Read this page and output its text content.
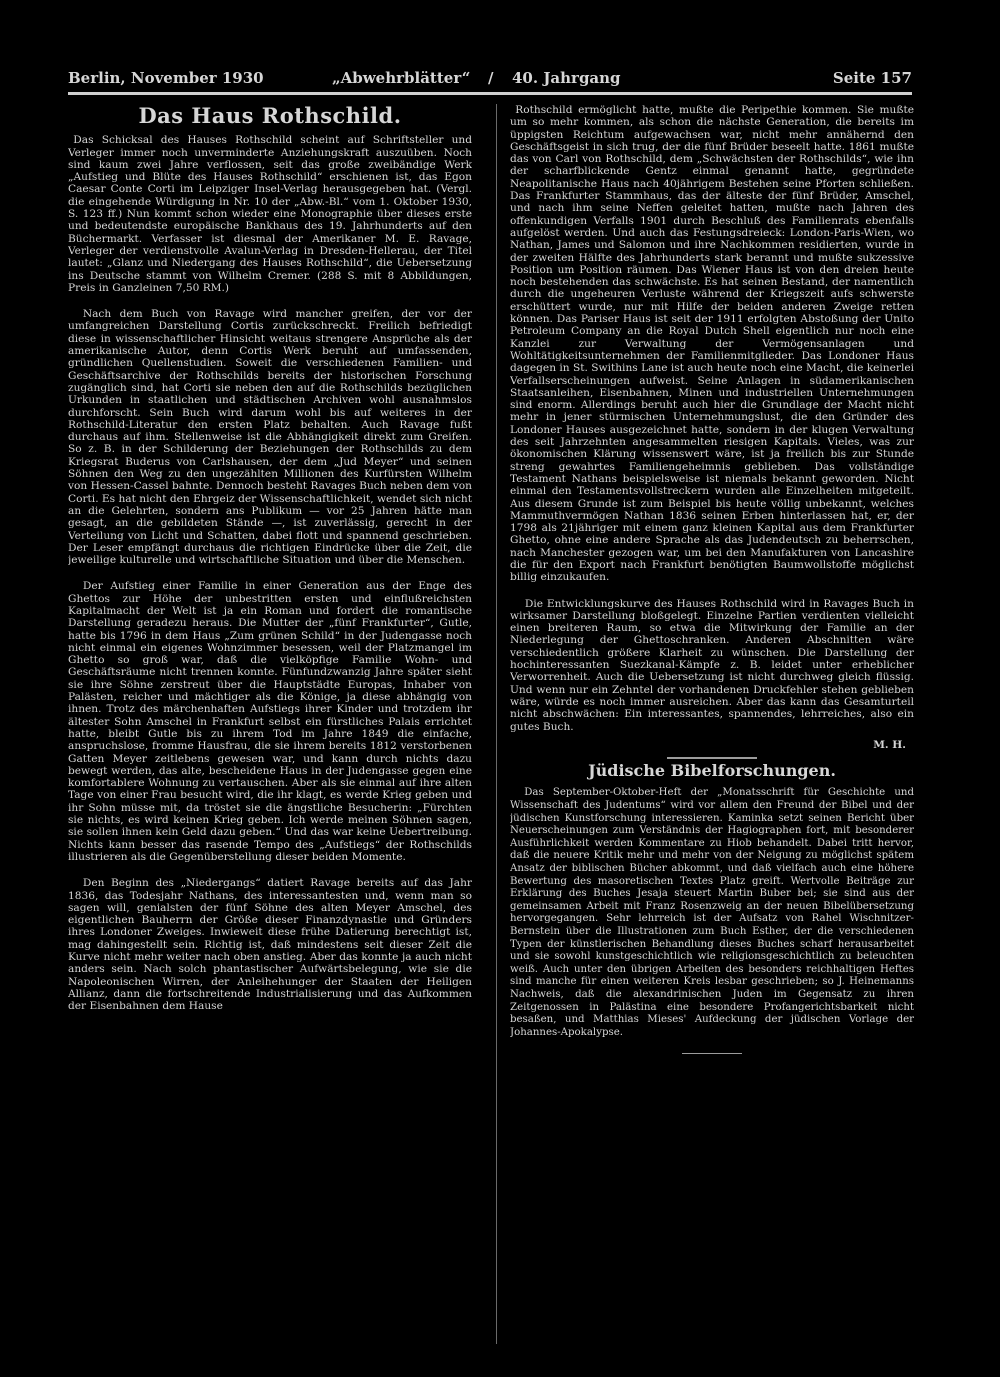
Berlin, November 1930	„Abwehrblätter“ / 40. Jahrgang	Seite 157
Das Haus Rothschild.

Das Schicksal des Hauses Rothschild scheint auf Schriftsteller und Verleger immer noch unverminderte Anziehungskraft auszuüben. Noch sind kaum zwei Jahre verflossen, seit das große zweibändige Werk „Aufstieg und Blüte des Hauses Rothschild“ erschienen ist, das Egon Caesar Conte Corti im Leipziger Insel-Verlag herausgegeben hat. (Vergl. die eingehende Würdigung in Nr. 10 der „Abw.-Bl.“ vom 1. Oktober 1930, S. 123 ff.) Nun kommt schon wieder eine Monographie über dieses erste und bedeutendste europäische Bankhaus des 19. Jahrhunderts auf den Büchermarkt. Verfasser ist diesmal der Amerikaner M. E. Ravage, Verleger der verdienstvolle Avalun-Verlag in Dresden-Hellerau, der Titel lautet: „Glanz und Niedergang des Hauses Rothschild“, die Uebersetzung ins Deutsche stammt von Wilhelm Cremer. (288 S. mit 8 Abbildungen, Preis in Ganzleinen 7,50 RM.)

Nach dem Buch von Ravage wird mancher greifen, der vor der umfangreichen Darstellung Cortis zurückschreckt. Freilich befriedigt diese in wissenschaftlicher Hinsicht weitaus strengere Ansprüche als der amerikanische Autor, denn Cortis Werk beruht auf umfassenden, gründlichen Quellenstudien. Soweit die verschiedenen Familien- und Geschäftsarchive der Rothschilds bereits der historischen Forschung zugänglich sind, hat Corti sie neben den auf die Rothschilds bezüglichen Urkunden in staatlichen und städtischen Archiven wohl ausnahmslos durchforscht. Sein Buch wird darum wohl bis auf weiteres in der Rothschild-Literatur den ersten Platz behalten. Auch Ravage fußt durchaus auf ihm. Stellenweise ist die Abhängigkeit direkt zum Greifen. So z. B. in der Schilderung der Beziehungen der Rothschilds zu dem Kriegsrat Buderus von Carlshausen, der dem „Jud Meyer“ und seinen Söhnen den Weg zu den ungezählten Millionen des Kurfürsten Wilhelm von Hessen-Cassel bahnte. Dennoch besteht Ravages Buch neben dem von Corti. Es hat nicht den Ehrgeiz der Wissenschaftlichkeit, wendet sich nicht an die Gelehrten, sondern ans Publikum — vor 25 Jahren hätte man gesagt, an die gebildeten Stände —, ist zuverlässig, gerecht in der Verteilung von Licht und Schatten, dabei flott und spannend geschrieben. Der Leser empfängt durchaus die richtigen Eindrücke über die Zeit, die jeweilige kulturelle und wirtschaftliche Situation und über die Menschen.

Der Aufstieg einer Familie in einer Generation aus der Enge des Ghettos zur Höhe der unbestritten ersten und einflußreichsten Kapitalmacht der Welt ist ja ein Roman und fordert die romantische Darstellung geradezu heraus. Die Mutter der „fünf Frankfurter“, Gutle, hatte bis 1796 in dem Haus „Zum grünen Schild“ in der Judengasse noch nicht einmal ein eigenes Wohnzimmer besessen, weil der Platzmangel im Ghetto so groß war, daß die vielköpfige Familie Wohn- und Geschäftsräume nicht trennen konnte. Fünfundzwanzig Jahre später sieht sie ihre Söhne zerstreut über die Hauptstädte Europas, Inhaber von Palästen, reicher und mächtiger als die Könige, ja diese abhängig von ihnen. Trotz des märchenhaften Aufstiegs ihrer Kinder und trotzdem ihr ältester Sohn Amschel in Frankfurt selbst ein fürstliches Palais errichtet hatte, bleibt Gutle bis zu ihrem Tod im Jahre 1849 die einfache, anspruchslose, fromme Hausfrau, die sie ihrem bereits 1812 verstorbenen Gatten Meyer zeitlebens gewesen war, und kann durch nichts dazu bewegt werden, das alte, bescheidene Haus in der Judengasse gegen eine komfortablere Wohnung zu vertauschen. Aber als sie einmal auf ihre alten Tage von einer Frau besucht wird, die ihr klagt, es werde Krieg geben und ihr Sohn müsse mit, da tröstet sie die ängstliche Besucherin: „Fürchten sie nichts, es wird keinen Krieg geben. Ich werde meinen Söhnen sagen, sie sollen ihnen kein Geld dazu geben.“ Und das war keine Uebertreibung. Nichts kann besser das rasende Tempo des „Aufstiegs“ der Rothschilds illustrieren als die Gegenüberstellung dieser beiden Momente.

Den Beginn des „Niedergangs“ datiert Ravage bereits auf das Jahr 1836, das Todesjahr Nathans, des interessantesten und, wenn man so sagen will, genialsten der fünf Söhne des alten Meyer Amschel, des eigentlichen Bauherrn der Größe dieser Finanzdynastie und Gründers ihres Londoner Zweiges. Inwieweit diese frühe Datierung berechtigt ist, mag dahingestellt sein. Richtig ist, daß mindestens seit dieser Zeit die Kurve nicht mehr weiter nach oben anstieg. Aber das konnte ja auch nicht anders sein. Nach solch phantastischer Aufwärtsbelegung, wie sie die Napoleonischen Wirren, der Anleihehunger der Staaten der Heiligen Allianz, dann die fortschreitende Industrialisierung und das Aufkommen der Eisenbahnen dem Hause

Rothschild ermöglicht hatte, mußte die Peripethie kommen. Sie mußte um so mehr kommen, als schon die nächste Generation, die bereits im üppigsten Reichtum aufgewachsen war, nicht mehr annähernd den Geschäftsgeist in sich trug, der die fünf Brüder beseelt hatte. 1861 mußte das von Carl von Rothschild, dem „Schwächsten der Rothschilds“, wie ihn der scharfblickende Gentz einmal genannt hatte, gegründete Neapolitanische Haus nach 40jährigem Bestehen seine Pforten schließen. Das Frankfurter Stammhaus, das der älteste der fünf Brüder, Amschel, und nach ihm seine Neffen geleitet hatten, mußte nach Jahren des offenkundigen Verfalls 1901 durch Beschluß des Familienrats ebenfalls aufgelöst werden. Und auch das Festungsdreieck: London-Paris-Wien, wo Nathan, James und Salomon und ihre Nachkommen residierten, wurde in der zweiten Hälfte des Jahrhunderts stark berannt und mußte sukzessive Position um Position räumen. Das Wiener Haus ist von den dreien heute noch bestehenden das schwächste. Es hat seinen Bestand, der namentlich durch die ungeheuren Verluste während der Kriegszeit aufs schwerste erschüttert wurde, nur mit Hilfe der beiden anderen Zweige retten können. Das Pariser Haus ist seit der 1911 erfolgten Abstoßung der Unito Petroleum Company an die Royal Dutch Shell eigentlich nur noch eine Kanzlei zur Verwaltung der Vermögensanlagen und Wohltätigkeitsunternehmen der Familienmitglieder. Das Londoner Haus dagegen in St. Swithins Lane ist auch heute noch eine Macht, die keinerlei Verfallserscheinungen aufweist. Seine Anlagen in südamerikanischen Staatsanleihen, Eisenbahnen, Minen und industriellen Unternehmungen sind enorm. Allerdings beruht auch hier die Grundlage der Macht nicht mehr in jener stürmischen Unternehmungslust, die den Gründer des Londoner Hauses ausgezeichnet hatte, sondern in der klugen Verwaltung des seit Jahrzehnten angesammelten riesigen Kapitals. Vieles, was zur ökonomischen Klärung wissenswert wäre, ist ja freilich bis zur Stunde streng gewahrtes Familiengeheimnis geblieben. Das vollständige Testament Nathans beispielsweise ist niemals bekannt geworden. Nicht einmal den Testamentsvollstreckern wurden alle Einzelheiten mitgeteilt. Aus diesem Grunde ist zum Beispiel bis heute völlig unbekannt, welches Mammuthvermögen Nathan 1836 seinen Erben hinterlassen hat, er, der 1798 als 21jähriger mit einem ganz kleinen Kapital aus dem Frankfurter Ghetto, ohne eine andere Sprache als das Judendeutsch zu beherrschen, nach Manchester gezogen war, um bei den Manufakturen von Lancashire die für den Export nach Frankfurt benötigten Baumwollstoffe möglichst billig einzukaufen.

Die Entwicklungskurve des Hauses Rothschild wird in Ravages Buch in wirksamer Darstellung bloßgelegt. Einzelne Partien verdienten vielleicht einen breiteren Raum, so etwa die Mitwirkung der Familie an der Niederlegung der Ghettoschranken. Anderen Abschnitten wäre verschiedentlich größere Klarheit zu wünschen. Die Darstellung der hochinteressanten Suezkanal-Kämpfe z. B. leidet unter erheblicher Verworrenheit. Auch die Uebersetzung ist nicht durchweg gleich flüssig. Und wenn nur ein Zehntel der vorhandenen Druckfehler stehen geblieben wäre, würde es noch immer ausreichen. Aber das kann das Gesamturteil nicht abschwächen: Ein interessantes, spannendes, lehrreiches, also ein gutes Buch.

M. H.
Jüdische Bibelforschungen.

Das September-Oktober-Heft der „Monatsschrift für Geschichte und Wissenschaft des Judentums“ wird vor allem den Freund der Bibel und der jüdischen Kunstforschung interessieren. Kaminka setzt seinen Bericht über Neuerscheinungen zum Verständnis der Hagiographen fort, mit besonderer Ausführlichkeit werden Kommentare zu Hiob behandelt. Dabei tritt hervor, daß die neuere Kritik mehr und mehr von der Neigung zu möglichst spätem Ansatz der biblischen Bücher abkommt, und daß vielfach auch eine höhere Bewertung des masoretischen Textes Platz greift. Wertvolle Beiträge zur Erklärung des Buches Jesaja steuert Martin Buber bei; sie sind aus der gemeinsamen Arbeit mit Franz Rosenzweig an der neuen Bibelübersetzung hervorgegangen. Sehr lehrreich ist der Aufsatz von Rahel Wischnitzer-Bernstein über die Illustrationen zum Buch Esther, der die verschiedenen Typen der künstlerischen Behandlung dieses Buches scharf herausarbeitet und sie sowohl kunstgeschichtlich wie religionsgeschichtlich zu beleuchten weiß. Auch unter den übrigen Arbeiten des besonders reichhaltigen Heftes sind manche für einen weiteren Kreis lesbar geschrieben; so J. Heinemanns Nachweis, daß die alexandrinischen Juden im Gegensatz zu ihren Zeitgenossen in Palästina eine besondere Profangerichtsbarkeit nicht besaßen, und Matthias Mieses' Aufdeckung der jüdischen Vorlage der Johannes-Apokalypse.
